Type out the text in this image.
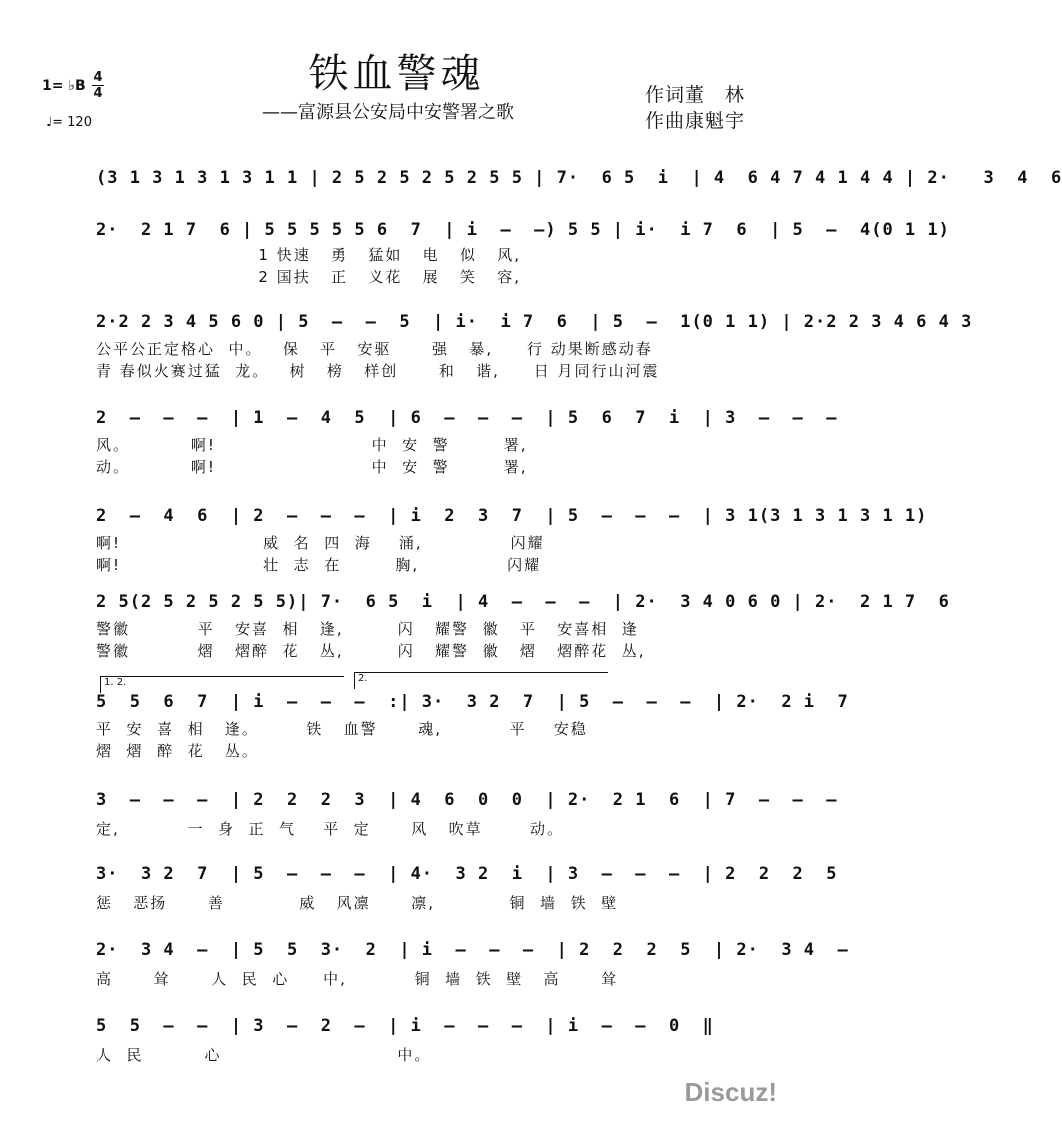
铁血警魂
——富源县公安局中安警署之歌
作词董　林
作曲康魁宇
1= ♭B
4
4
♩= 120
(3 1 3 1 3 1 3 1 1 | 2 5 2 5 2 5 2 5 5 | 7·  6 5  i  | 4  6 4 7 4 1 4 4 | 2·   3  4  6
2·  2 1 7  6 | 5 5 5 5 5 6  7  | i  —  —) 5 5 | i·  i 7  6  | 5  —  4(0 1 1)
1 快速   勇   猛如   电   似   风,
2 国扶   正   义花   展   笑   容,
2·2 2 3 4 5 6 0 | 5  —  —  5  | i·  i 7  6  | 5  —  1(0 1 1) | 2·2 2 3 4 6 4 3
公平公正定格心  中。   保   平   安驱      强   暴,     行 动果断感动春
青 春似火赛过猛  龙。   树   榜   样创      和   谐,     日 月同行山河震
2  —  —  —  | 1  —  4  5  | 6  —  —  —  | 5  6  7  i  | 3  —  —  —
风。         啊!                       中  安  警        署,
动。         啊!                       中  安  警        署,
2  —  4  6  | 2  —  —  —  | i  2  3  7  | 5  —  —  —  | 3 1(3 1 3 1 3 1 1)
啊!                     威  名  四  海    涌,             闪耀
啊!                     壮  志  在        胸,             闪耀
2 5(2 5 2 5 2 5 5)| 7·  6 5  i  | 4  —  —  —  | 2·  3 4 0 6 0 | 2·  2 1 7  6
警徽          平   安喜  相   逢,        闪   耀警  徽   平   安喜相  逢
警徽          熠   熠醉  花   丛,        闪   耀警  徽   熠   熠醉花  丛,
1. 2.	2.
5  5  6  7  | i  —  —  —  :| 3·  3 2  7  | 5  —  —  —  | 2·  2 i  7
平  安  喜  相   逢。       铁   血警      魂,          平    安稳
熠  熠  醉  花   丛。
3  —  —  —  | 2  2  2  3  | 4  6  0  0  | 2·  2 1  6  | 7  —  —  —
定,          一  身  正  气    平  定      风   吹草       动。
3·  3 2  7  | 5  —  —  —  | 4·  3 2  i  | 3  —  —  —  | 2  2  2  5
惩   恶扬      善           威   风凛      凛,           铜  墙  铁  壁
2·  3 4  —  | 5  5  3·  2  | i  —  —  —  | 2  2  2  5  | 2·  3 4  —
高      耸      人  民  心     中,          铜  墙  铁  壁   高      耸
5  5  —  —  | 3  —  2  —  | i  —  —  —  | i  —  —  0  ‖
人  民         心                          中。
Discuz!
